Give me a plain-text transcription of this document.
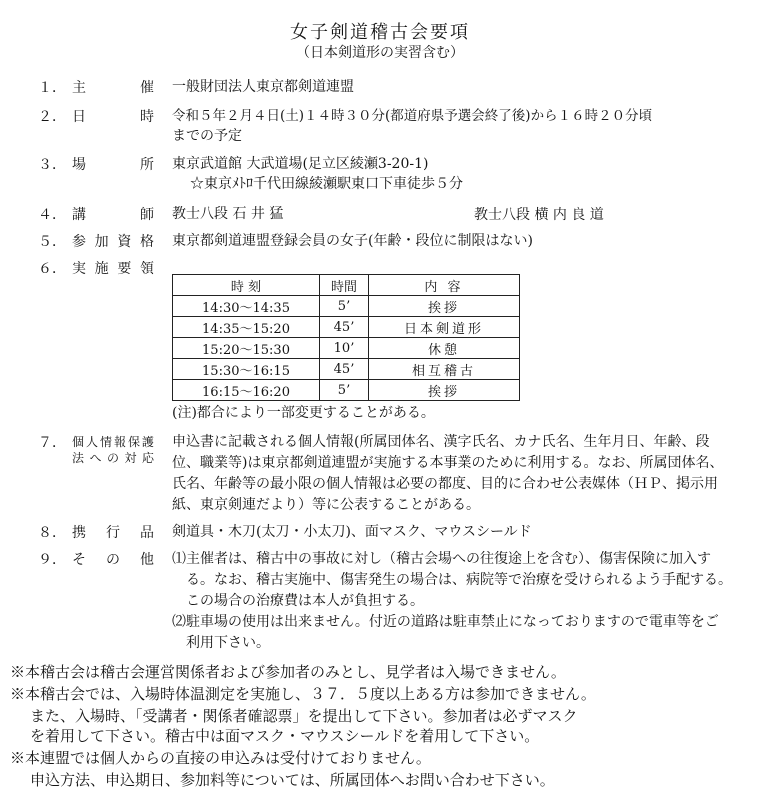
女子剣道稽古会要項
（日本剣道形の実習含む）
１． 主	催 一般財団法人東京都剣道連盟
２． 日	時 令和５年２月４日(土)１４時３０分(都道府県予選会終了後)から１６時２０分頃
までの予定
３． 場	所 東京武道館 大武道場(足立区綾瀬3-20-1)
☆東京ﾒﾄﾛ千代田線綾瀬駅東口下車徒歩５分
４． 講	師 教士八段 石 井 猛	教士八段 横 内 良 道
５． 参 加 資 格 東京都剣道連盟登録会員の女子(年齢・段位に制限はない)
６． 実 施 要 領
時 刻	時間	内 容
14:30～14:35	5’	挨拶
14:35～15:20	45’	日本剣道形
15:20～15:30	10’	休憩
15:30～16:15	45’	相互稽古
16:15～16:20	5’	挨拶
(注)都合により一部変更することがある。
７． 個 人 情 報 保 護
法 へ の 対 応
申込書に記載される個人情報(所属団体名、漢字氏名、カナ氏名、生年月日、年齢、段位、職業等)は東京都剣道連盟が実施する本事業のために利用する。なお、所属団体名、氏名、年齢等の最小限の個人情報は必要の都度、目的に合わせ公表媒体（ＨＰ、掲示用紙、東京剣連だより）等に公表することがある。
８． 携 行 品 剣道具・木刀(太刀・小太刀)、面マスク、マウスシールド
９． そ の 他 ⑴ 主催者は、稽古中の事故に対し（稽古会場への往復途上を含む）、傷害保険に加入する。なお、稽古実施中、傷害発生の場合は、病院等で治療を受けられるよう手配する。この場合の治療費は本人が負担する。
⑵ 駐車場の使用は出来ません。付近の道路は駐車禁止になっておりますので電車等をご利用下さい。
※本稽古会は稽古会運営関係者および参加者のみとし、見学者は入場できません。
※本稽古会では、入場時体温測定を実施し、３７．５度以上ある方は参加できません。
また、入場時、「受講者・関係者確認票」を提出して下さい。参加者は必ずマスク
を着用して下さい。稽古中は面マスク・マウスシールドを着用して下さい。
※本連盟では個人からの直接の申込みは受付けておりません。
申込方法、申込期日、参加料等については、所属団体へお問い合わせ下さい。
